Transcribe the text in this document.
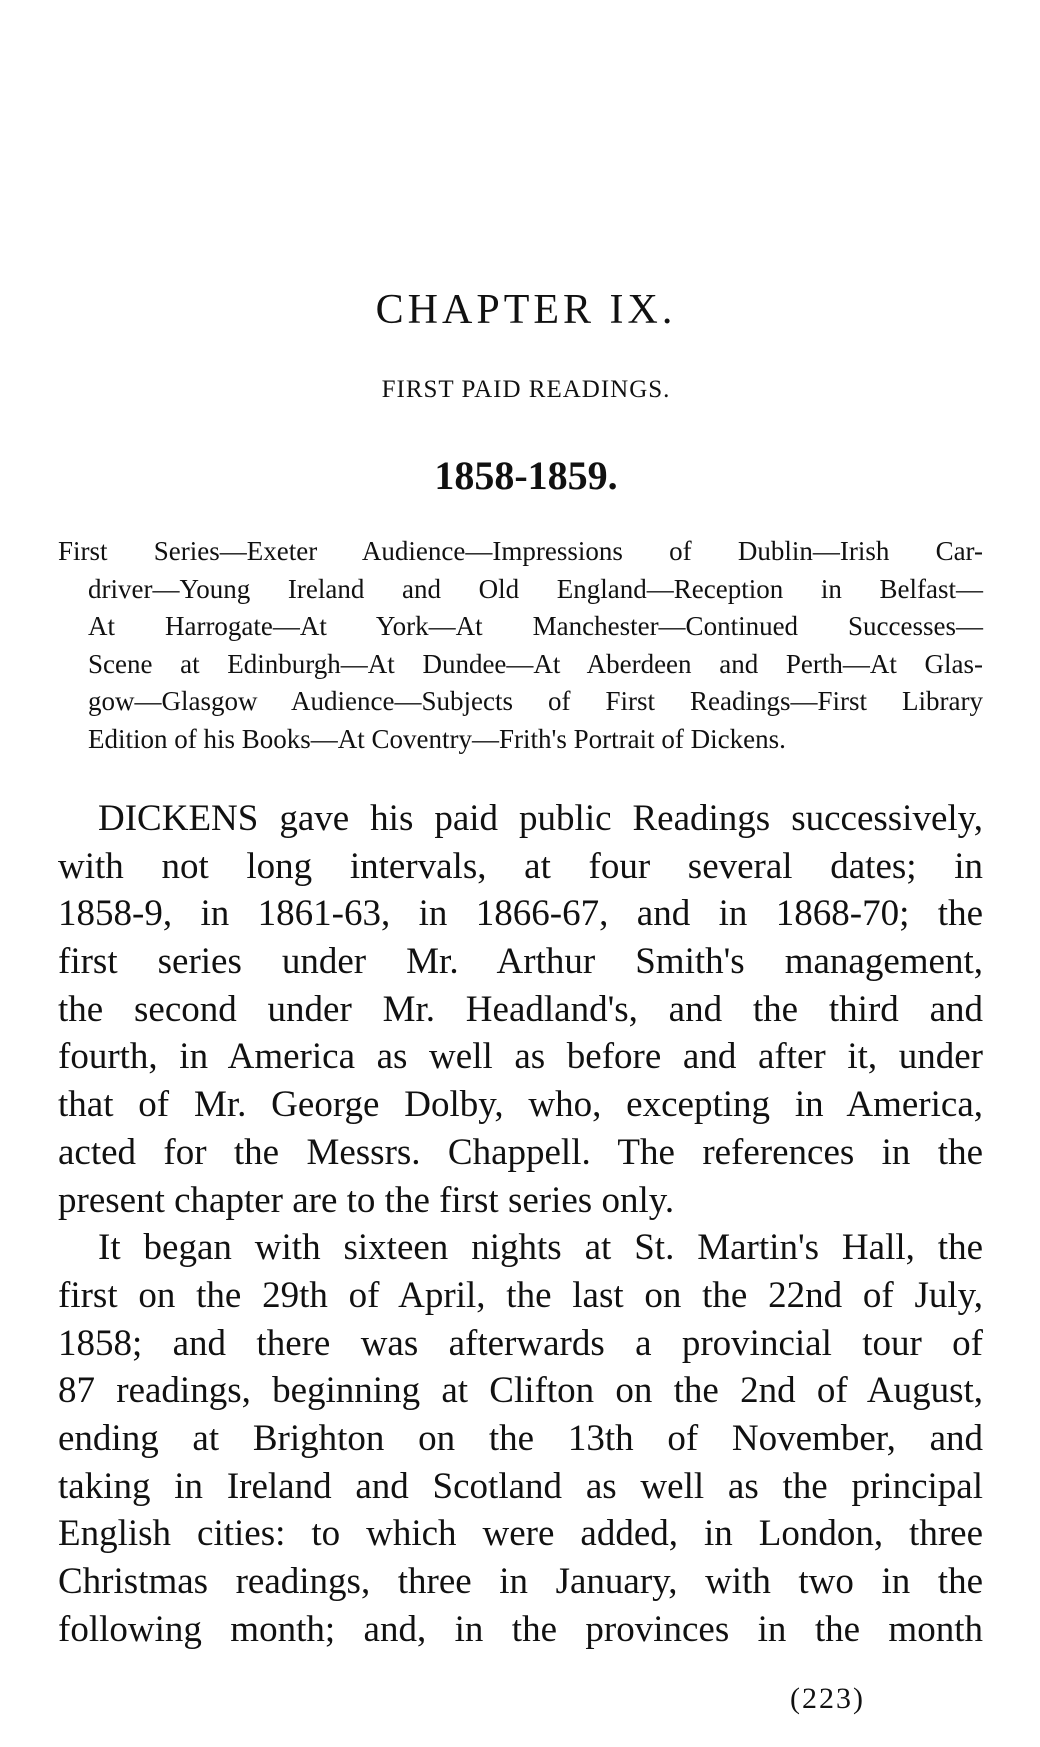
CHAPTER IX.
FIRST PAID READINGS.
1858-1859.
First Series—Exeter Audience—Impressions of Dublin—Irish Car-
driver—Young Ireland and Old England—Reception in Belfast—
At Harrogate—At York—At Manchester—Continued Successes—
Scene at Edinburgh—At Dundee—At Aberdeen and Perth—At Glas-
gow—Glasgow Audience—Subjects of First Readings—First Library
Edition of his Books—At Coventry—Frith's Portrait of Dickens.
DICKENS gave his paid public Readings successively,
with not long intervals, at four several dates; in
1858-9, in 1861-63, in 1866-67, and in 1868-70; the
first series under Mr. Arthur Smith's management,
the second under Mr. Headland's, and the third and
fourth, in America as well as before and after it, under
that of Mr. George Dolby, who, excepting in America,
acted for the Messrs. Chappell. The references in the
present chapter are to the first series only.
It began with sixteen nights at St. Martin's Hall, the
first on the 29th of April, the last on the 22nd of July,
1858; and there was afterwards a provincial tour of
87 readings, beginning at Clifton on the 2nd of August,
ending at Brighton on the 13th of November, and
taking in Ireland and Scotland as well as the principal
English cities: to which were added, in London, three
Christmas readings, three in January, with two in the
following month; and, in the provinces in the month
(223)
